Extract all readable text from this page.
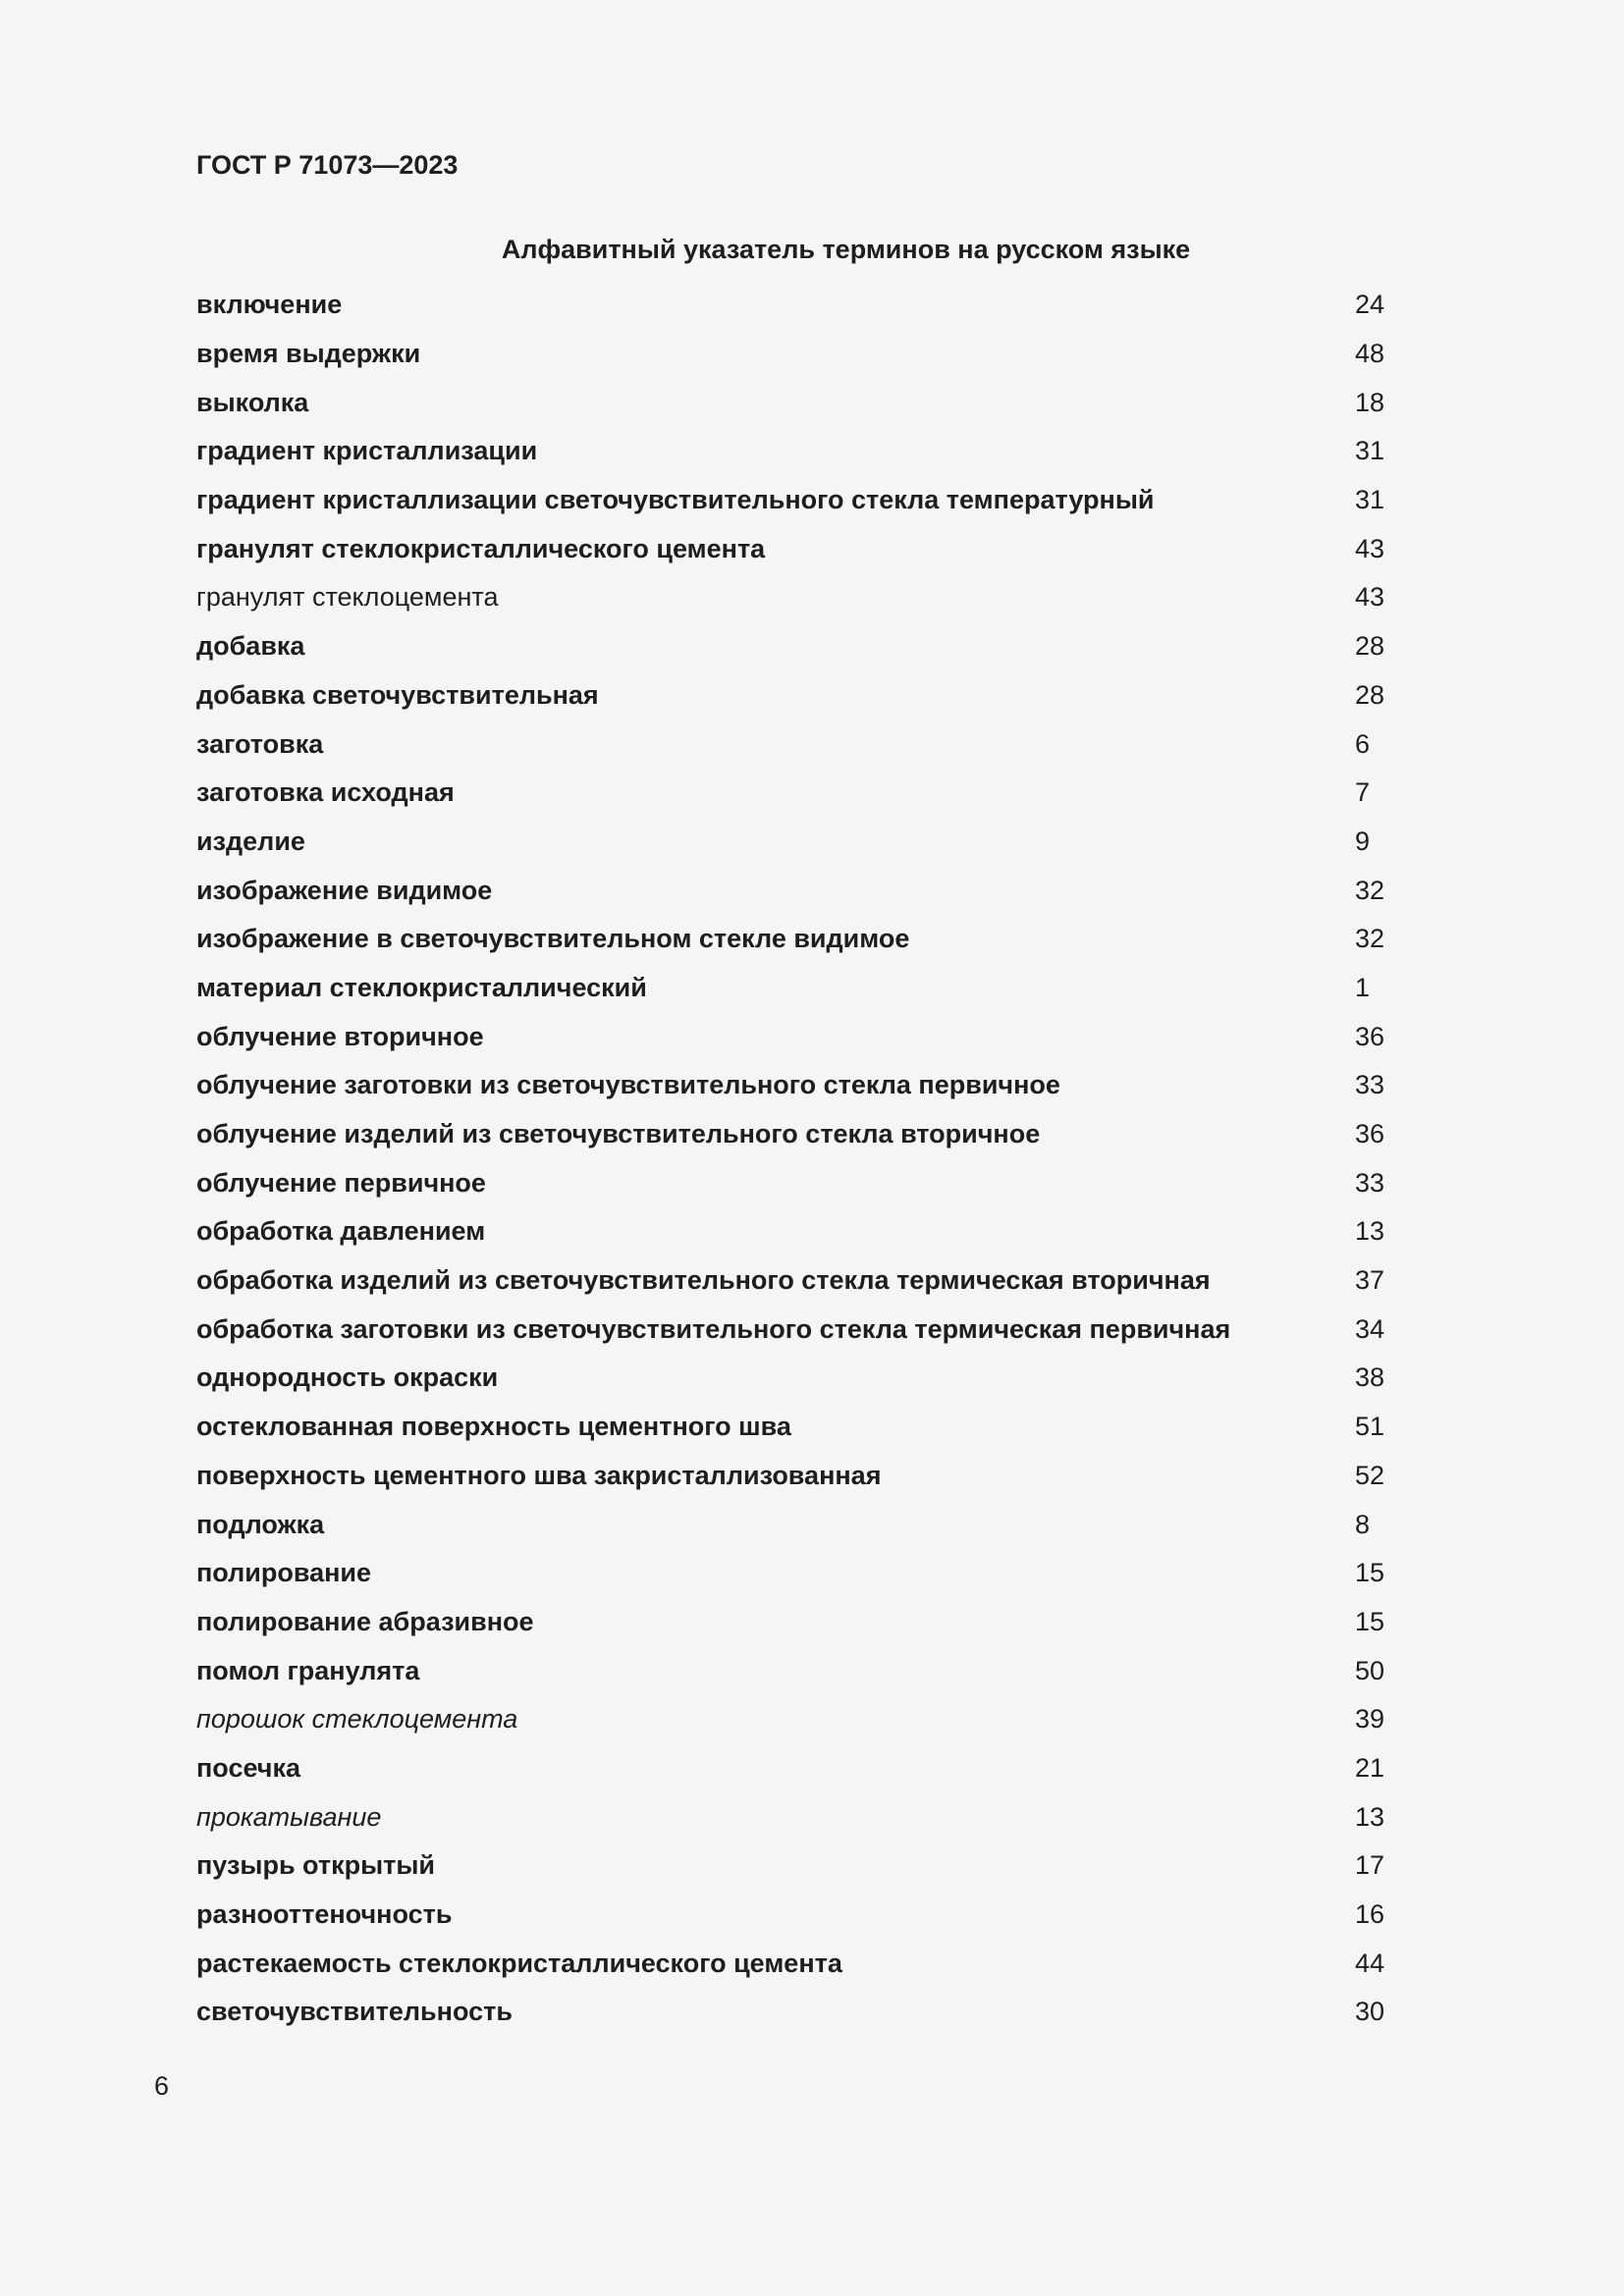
ГОСТ Р 71073—2023
Алфавитный указатель терминов на русском языке
включение	24
время выдержки	48
выколка	18
градиент кристаллизации	31
градиент кристаллизации светочувствительного стекла температурный	31
гранулят стеклокристаллического цемента	43
гранулят стеклоцемента	43
добавка	28
добавка светочувствительная	28
заготовка	6
заготовка исходная	7
изделие	9
изображение видимое	32
изображение в светочувствительном стекле видимое	32
материал стеклокристаллический	1
облучение вторичное	36
облучение заготовки из светочувствительного стекла первичное	33
облучение изделий из светочувствительного стекла вторичное	36
облучение первичное	33
обработка давлением	13
обработка изделий из светочувствительного стекла термическая вторичная	37
обработка заготовки из светочувствительного стекла термическая первичная	34
однородность окраски	38
остеклованная поверхность цементного шва	51
поверхность цементного шва закристаллизованная	52
подложка	8
полирование	15
полирование абразивное	15
помол гранулята	50
порошок стеклоцемента	39
посечка	21
прокатывание	13
пузырь открытый	17
разнооттеночность	16
растекаемость стеклокристаллического цемента	44
светочувствительность	30
6
